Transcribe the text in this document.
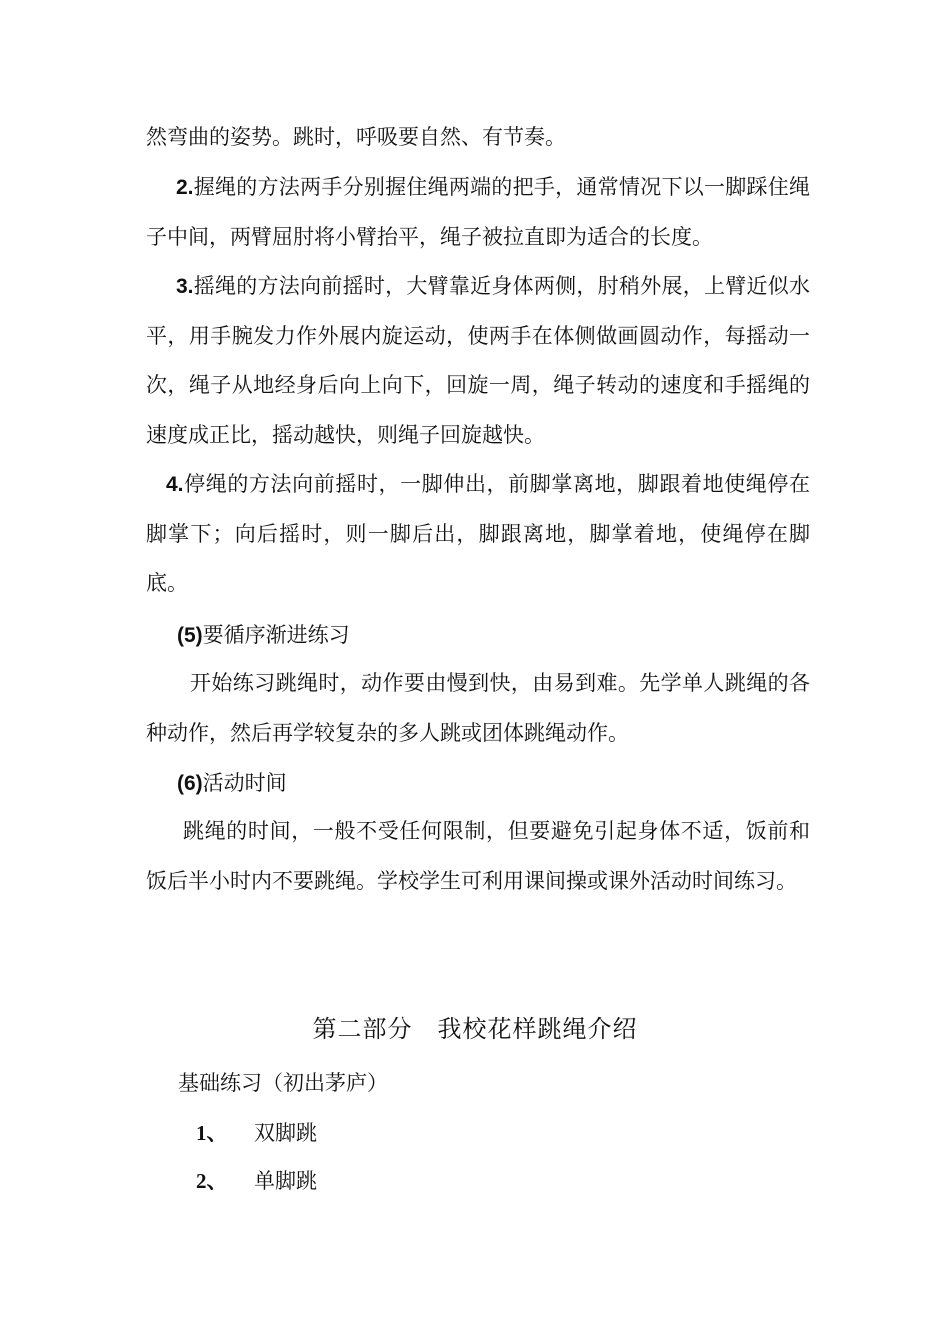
然弯曲的姿势。跳时，呼吸要自然、有节奏。

2.握绳的方法两手分别握住绳两端的把手，通常情况下以一脚踩住绳子中间，两臂屈肘将小臂抬平，绳子被拉直即为适合的长度。

3.摇绳的方法向前摇时，大臂靠近身体两侧，肘稍外展，上臂近似水平，用手腕发力作外展内旋运动，使两手在体侧做画圆动作，每摇动一次，绳子从地经身后向上向下，回旋一周，绳子转动的速度和手摇绳的速度成正比，摇动越快，则绳子回旋越快。

4.停绳的方法向前摇时，一脚伸出，前脚掌离地，脚跟着地使绳停在脚掌下；向后摇时，则一脚后出，脚跟离地，脚掌着地，使绳停在脚底。

(5)要循序渐进练习

开始练习跳绳时，动作要由慢到快，由易到难。先学单人跳绳的各种动作，然后再学较复杂的多人跳或团体跳绳动作。

(6)活动时间

跳绳的时间，一般不受任何限制，但要避免引起身体不适，饭前和饭后半小时内不要跳绳。学校学生可利用课间操或课外活动时间练习。

第二部分　我校花样跳绳介绍

基础练习（初出茅庐）

1、 双脚跳

2、 单脚跳
